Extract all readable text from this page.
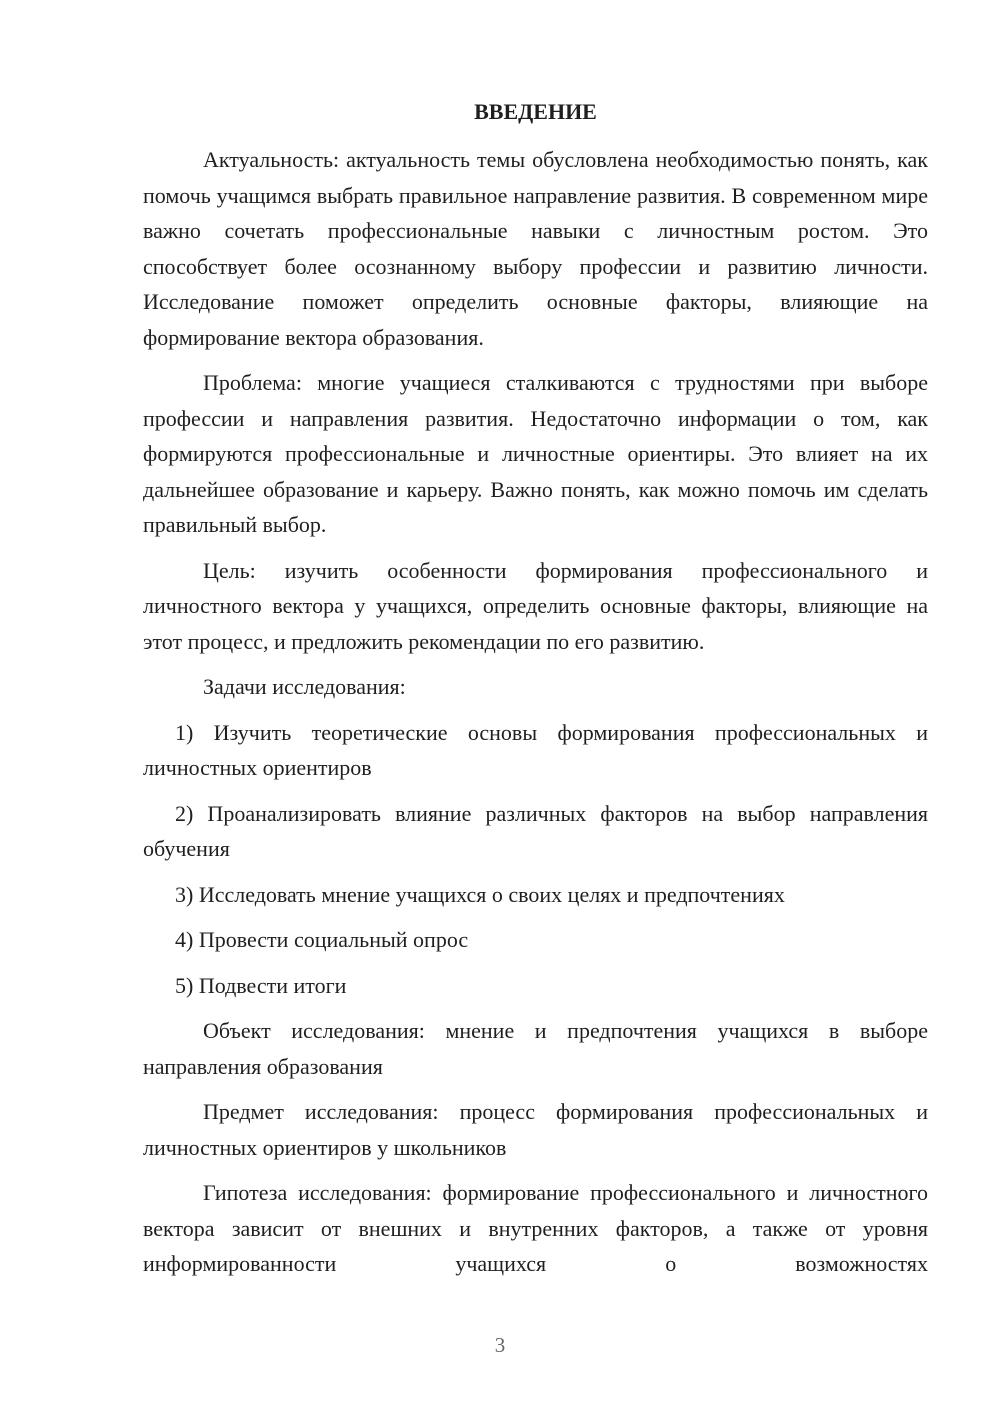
ВВЕДЕНИЕ

Актуальность: актуальность темы обусловлена необходимостью понять, как помочь учащимся выбрать правильное направление развития. В современном мире важно сочетать профессиональные навыки с личностным ростом. Это способствует более осознанному выбору профессии и развитию личности. Исследование поможет определить основные факторы, влияющие на формирование вектора образования.

Проблема: многие учащиеся сталкиваются с трудностями при выборе профессии и направления развития. Недостаточно информации о том, как формируются профессиональные и личностные ориентиры. Это влияет на их дальнейшее образование и карьеру. Важно понять, как можно помочь им сделать правильный выбор.

Цель: изучить особенности формирования профессионального и личностного вектора у учащихся, определить основные факторы, влияющие на этот процесс, и предложить рекомендации по его развитию.

Задачи исследования:

1) Изучить теоретические основы формирования профессиональных и личностных ориентиров

2) Проанализировать влияние различных факторов на выбор направления обучения

3) Исследовать мнение учащихся о своих целях и предпочтениях

4) Провести социальный опрос

5) Подвести итоги

Объект исследования: мнение и предпочтения учащихся в выборе направления образования

Предмет исследования: процесс формирования профессиональных и личностных ориентиров у школьников

Гипотеза исследования: формирование профессионального и личностного вектора зависит от внешних и внутренних факторов, а также от уровня информированности учащихся о возможностях

3
